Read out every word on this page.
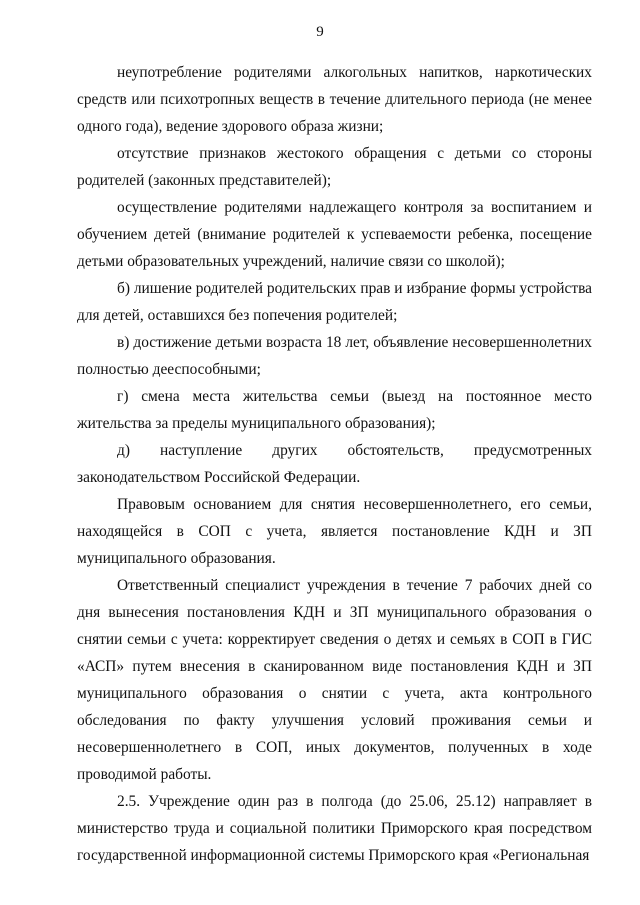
9

неупотребление родителями алкогольных напитков, наркотических средств или психотропных веществ в течение длительного периода (не менее одного года), ведение здорового образа жизни;

отсутствие признаков жестокого обращения с детьми со стороны родителей (законных представителей);

осуществление родителями надлежащего контроля за воспитанием и обучением детей (внимание родителей к успеваемости ребенка, посещение детьми образовательных учреждений, наличие связи со школой);

б) лишение родителей родительских прав и избрание формы устройства для детей, оставшихся без попечения родителей;

в) достижение детьми возраста 18 лет, объявление несовершеннолетних полностью дееспособными;

г) смена места жительства семьи (выезд на постоянное место жительства за пределы муниципального образования);

д) наступление других обстоятельств, предусмотренных законодательством Российской Федерации.

Правовым основанием для снятия несовершеннолетнего, его семьи, находящейся в СОП с учета, является постановление КДН и ЗП муниципального образования.

Ответственный специалист учреждения в течение 7 рабочих дней со дня вынесения постановления КДН и ЗП муниципального образования о снятии семьи с учета: корректирует сведения о детях и семьях в СОП в ГИС «АСП» путем внесения в сканированном виде постановления КДН и ЗП муниципального образования о снятии с учета, акта контрольного обследования по факту улучшения условий проживания семьи и несовершеннолетнего в СОП, иных документов, полученных в ходе проводимой работы.

2.5. Учреждение один раз в полгода (до 25.06, 25.12) направляет в министерство труда и социальной политики Приморского края посредством государственной информационной системы Приморского края «Региональная
